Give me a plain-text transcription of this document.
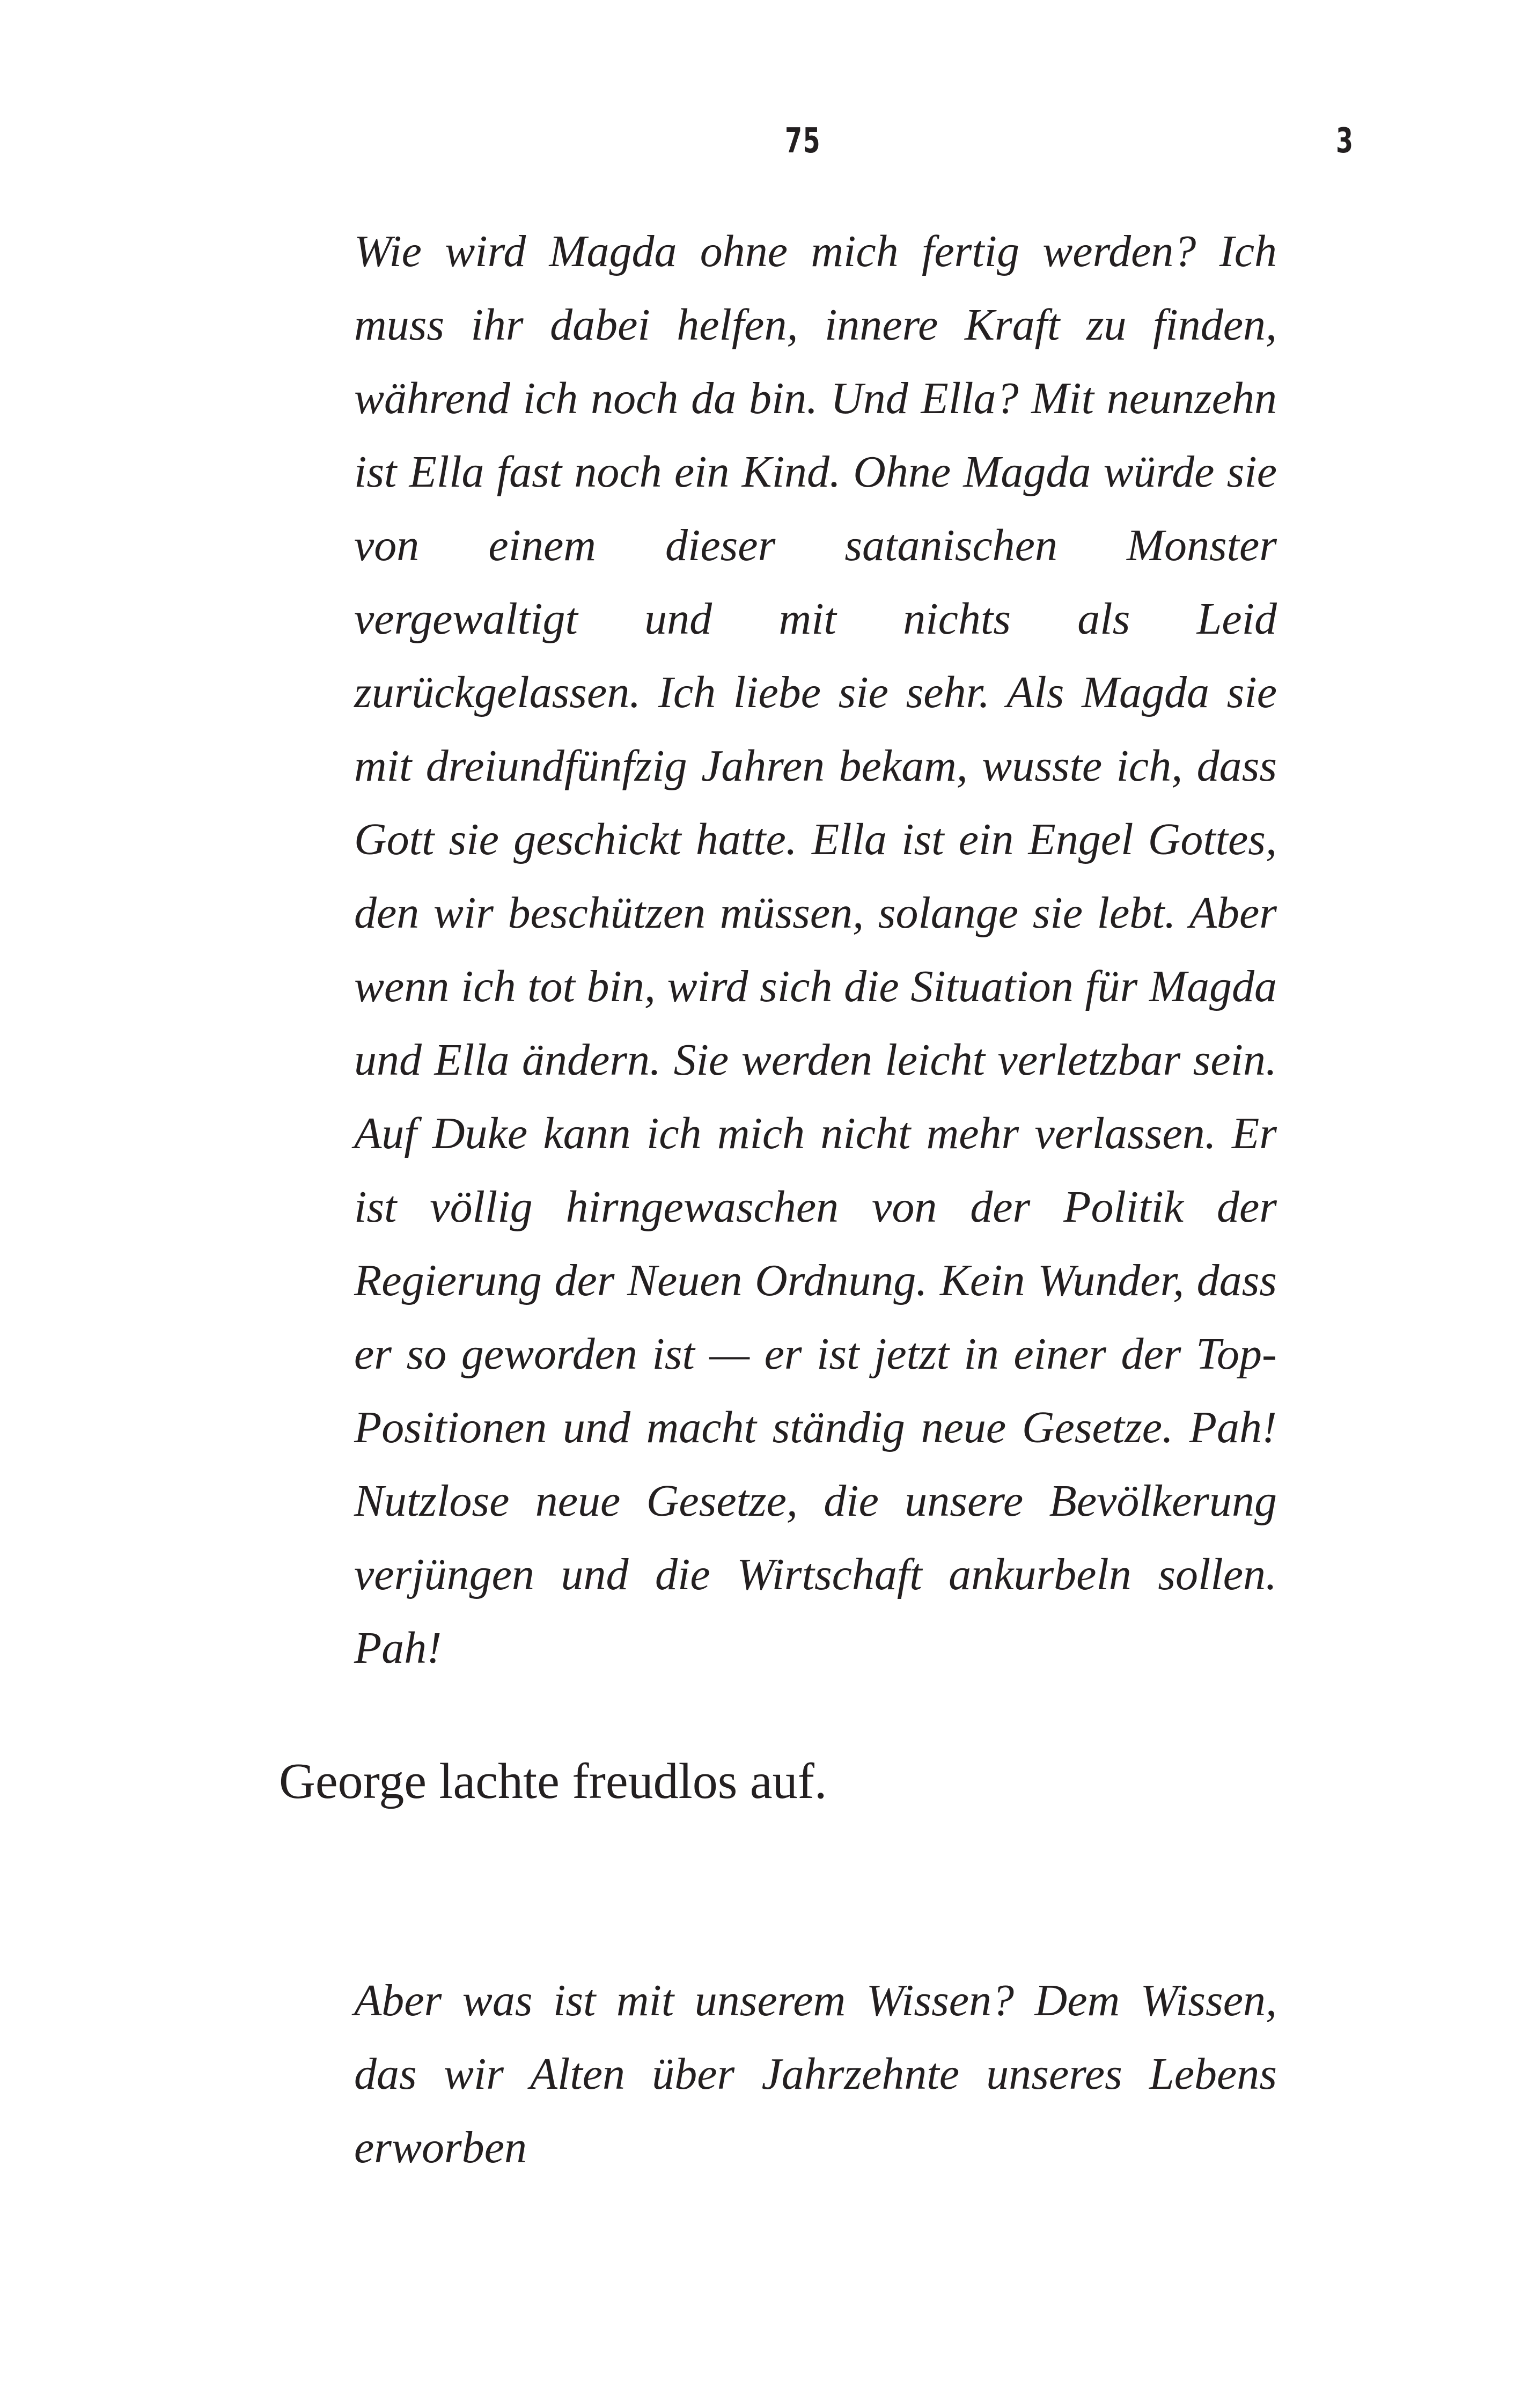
75	3

Wie wird Magda ohne mich fertig werden? Ich muss ihr dabei helfen, innere Kraft zu finden, während ich noch da bin. Und Ella? Mit neunzehn ist Ella fast noch ein Kind. Ohne Magda würde sie von einem dieser satanischen Monster vergewaltigt und mit nichts als Leid zurückgelassen. Ich liebe sie sehr. Als Magda sie mit dreiundfünfzig Jahren bekam, wusste ich, dass Gott sie geschickt hatte. Ella ist ein Engel Gottes, den wir beschützen müssen, solange sie lebt. Aber wenn ich tot bin, wird sich die Situation für Magda und Ella ändern. Sie werden leicht verletzbar sein. Auf Duke kann ich mich nicht mehr verlassen. Er ist völlig hirngewaschen von der Politik der Regierung der Neuen Ordnung. Kein Wunder, dass er so geworden ist — er ist jetzt in einer der Top-Positionen und macht ständig neue Gesetze. Pah! Nutzlose neue Gesetze, die unsere Bevölkerung verjüngen und die Wirtschaft ankurbeln sollen. Pah!

George lachte freudlos auf.

Aber was ist mit unserem Wissen? Dem Wissen, das wir Alten über Jahrzehnte unseres Lebens erworben
